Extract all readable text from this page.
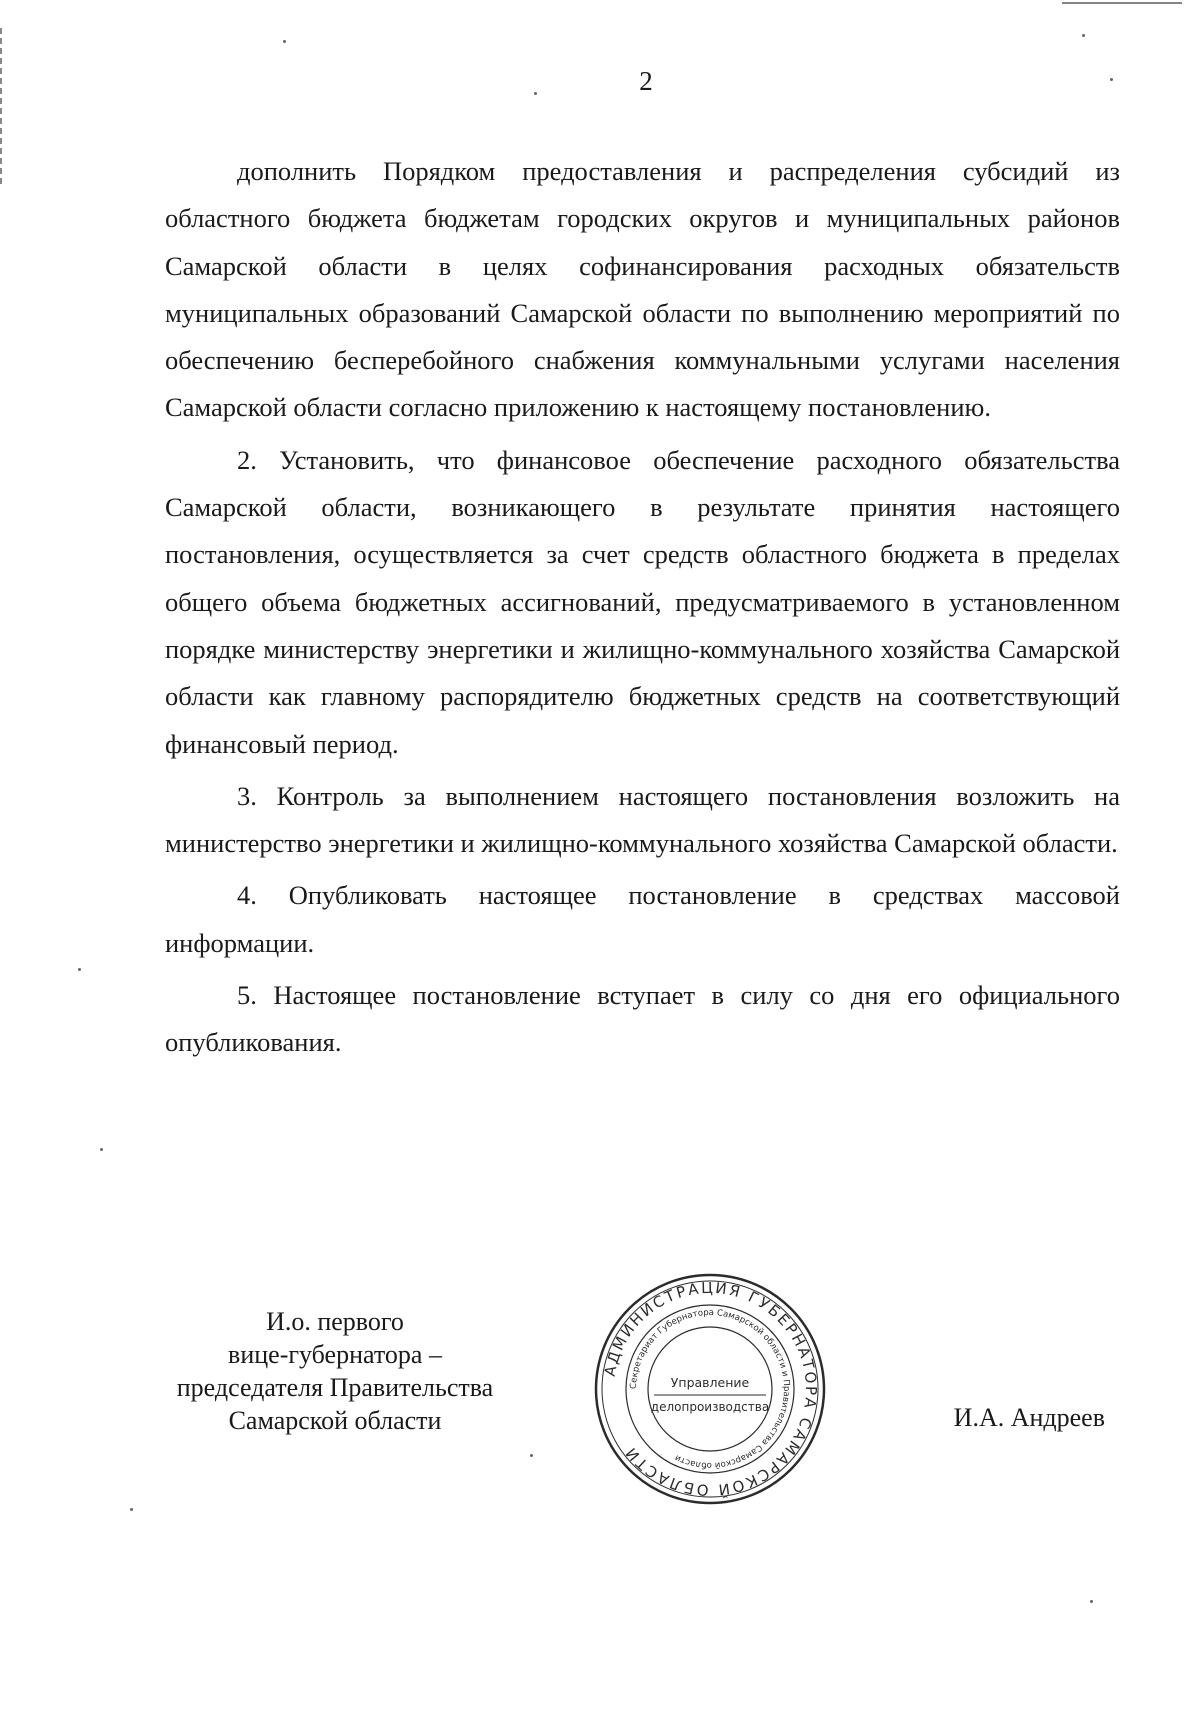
2

дополнить Порядком предоставления и распределения субсидий из областного бюджета бюджетам городских округов и муниципальных районов Самарской области в целях софинансирования расходных обязательств муниципальных образований Самарской области по выполнению мероприятий по обеспечению бесперебойного снабжения коммунальными услугами населения Самарской области согласно приложению к настоящему постановлению.

2. Установить, что финансовое обеспечение расходного обязательства Самарской области, возникающего в результате принятия настоящего постановления, осуществляется за счет средств областного бюджета в пределах общего объема бюджетных ассигнований, предусматриваемого в установленном порядке министерству энергетики и жилищно-коммунального хозяйства Самарской области как главному распорядителю бюджетных средств на соответствующий финансовый период.

3. Контроль за выполнением настоящего постановления возложить на министерство энергетики и жилищно-коммунального хозяйства Самарской области.

4. Опубликовать настоящее постановление в средствах массовой информации.

5. Настоящее постановление вступает в силу со дня его официального опубликования.

И.о. первого
вице-губернатора –
председателя Правительства
Самарской области
АДМИНИСТРАЦИЯ ГУБЕРНАТОРА САМАРСКОЙ ОБЛАСТИ
Секретариат Губернатора Самарской области и Правительства Самарской области
Управление
делопроизводства	И.А. Андреев
